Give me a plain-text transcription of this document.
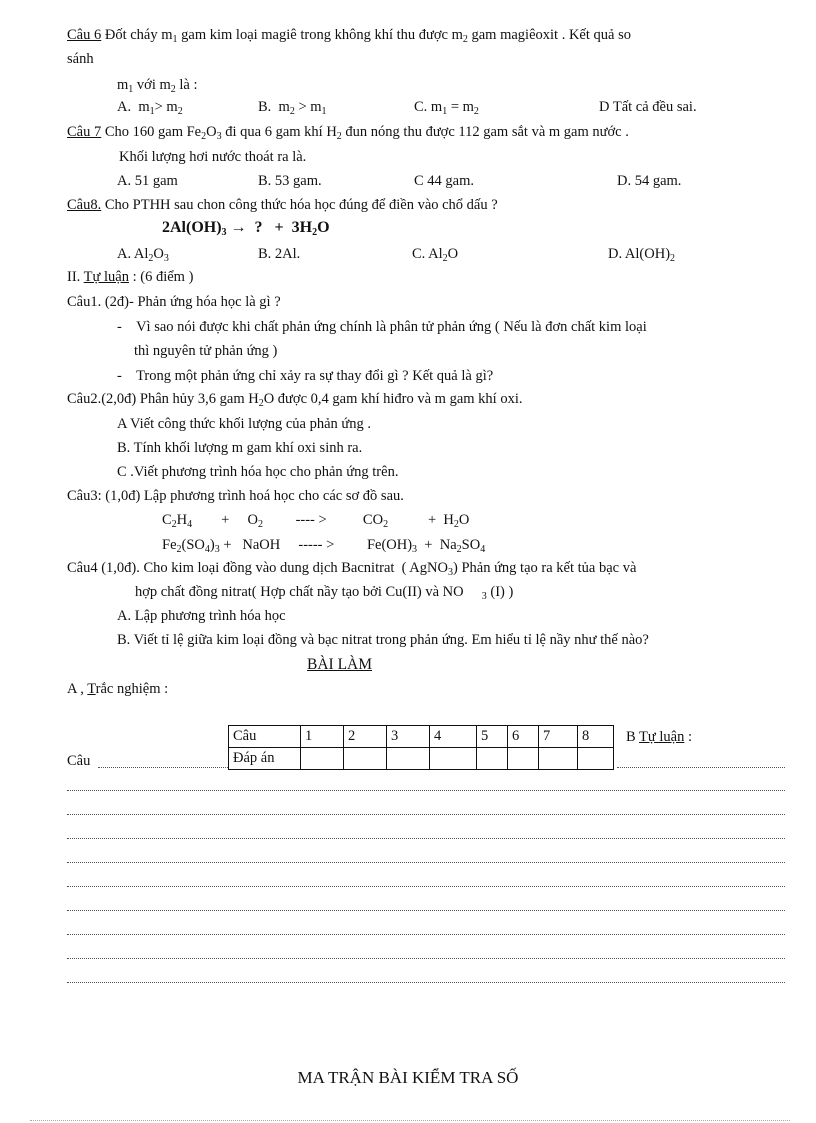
Câu 6 Đốt cháy $m_1$ gam kim loại magiê trong không khí thu được $m_2$ gam magiêoxit . Kết quả so
sánh
$m_1$ với $m_2$ là :
A.  $m_1> m_2$	B.  $m_2 > m_1$	C. $m_1 = m_2$	D Tất cả đều sai.
Câu 7 Cho 160 gam $Fe_2O_3$ đi qua 6 gam khí $H_2$ đun nóng thu được 112 gam sắt và m gam nước .
Khối lượng hơi nước thoát ra là.
A. 51 gam	B. 53 gam.	C 44 gam.	D. 54 gam.
Câu8. Cho PTHH sau chon công thức hóa học đúng để điền vào chổ dấu ?
$2Al(OH)_3$ →  ?   +  $3H_2O$
A. $Al_2O_3$	B. 2Al.	C. $Al_2O$	D. $Al(OH)_2$
II. Tự luận : (6 điểm )
Câu1. (2đ)- Phản ứng hóa học là gì ?
-    Vì sao nói được khi chất phản ứng chính là phân tử phản ứng ( Nếu là đơn chất kim loại
thì nguyên tử phản ứng )
-    Trong một phản ứng chỉ xảy ra sự thay đổi gì ? Kết quả là gì?
Câu2.(2,0đ) Phân hủy 3,6 gam $H_2O$ được 0,4 gam khí hiđro và m gam khí oxi.
A Viết công thức khối lượng của phản ứng .
B. Tính khối lượng m gam khí oxi sinh ra.
C .Viết phương trình hóa học cho phản ứng trên.
Câu3: (1,0đ) Lập phương trình hoá học cho các sơ đồ sau.
$C_2H_4$        +     $O_2$         ---- >          $CO_2$           +  $H_2O$
$Fe_2(SO_4)_3$ +   NaOH     ----- >         $Fe(OH)_3 + Na_2SO_4$
Câu4 (1,0đ). Cho kim loại đồng vào dung dịch Bacnitrat  ( AgNO$_3$) Phản ứng tạo ra kết tủa bạc và
hợp chất đồng nitrat( Hợp chất nầy tạo bởi Cu(II) và NO     $_3$ (I) )
A. Lập phương trình hóa học
B. Viết tỉ lệ giữa kim loại đồng và bạc nitrat trong phản ứng. Em hiểu tỉ lệ nầy như thế nào?
BÀI LÀM
A , Trắc nghiệm :
Câu
Câu	1	2	3	4	5	6	7	8
Đáp án								
B Tự luận :
MA TRẬN BÀI KIỂM TRA SỐ
